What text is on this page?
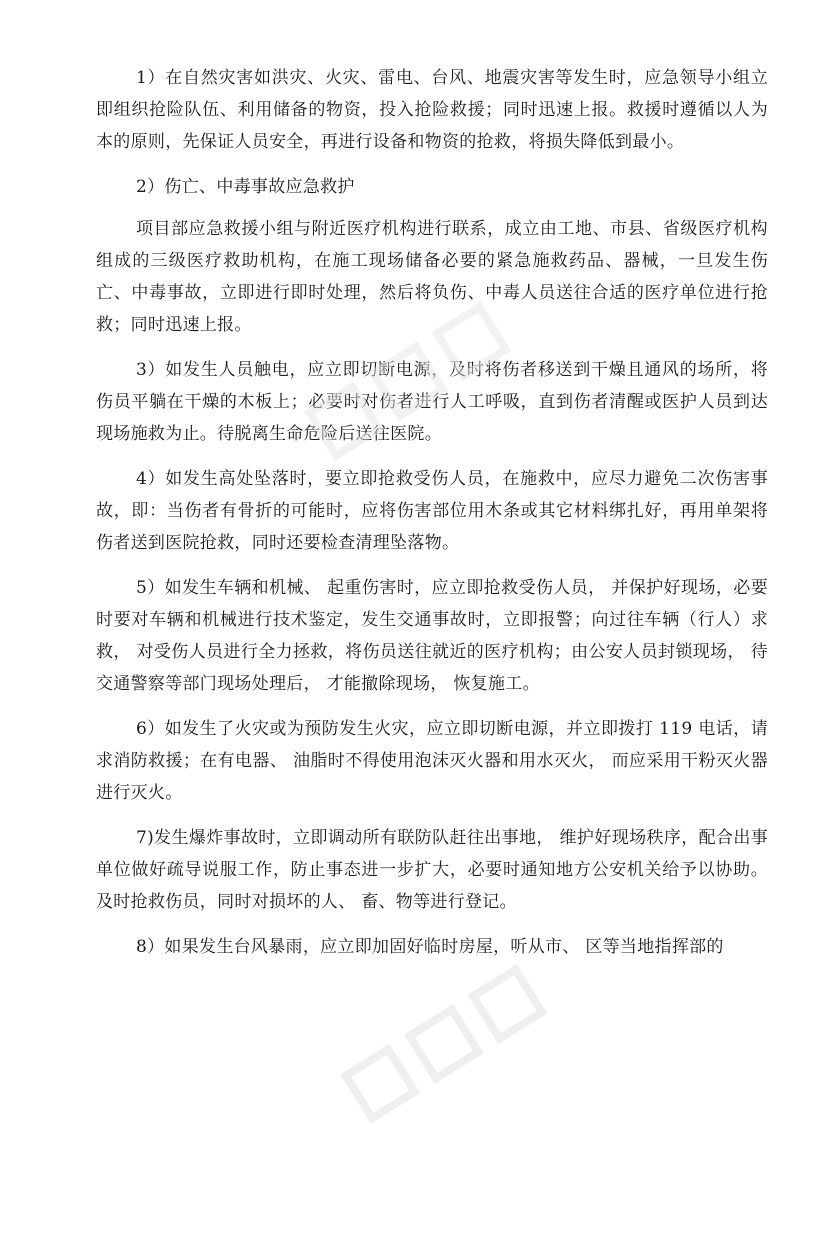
1）在自然灾害如洪灾、火灾、雷电、台风、地震灾害等发生时，应急领导小组立即组织抢险队伍、利用储备的物资，投入抢险救援；同时迅速上报。救援时遵循以人为本的原则，先保证人员安全，再进行设备和物资的抢救，将损失降低到最小。

2）伤亡、中毒事故应急救护

项目部应急救援小组与附近医疗机构进行联系，成立由工地、市县、省级医疗机构组成的三级医疗救助机构，在施工现场储备必要的紧急施救药品、器械，一旦发生伤亡、中毒事故，立即进行即时处理，然后将负伤、中毒人员送往合适的医疗单位进行抢救；同时迅速上报。

3）如发生人员触电，应立即切断电源，及时将伤者移送到干燥且通风的场所，将伤员平躺在干燥的木板上；必要时对伤者进行人工呼吸，直到伤者清醒或医护人员到达现场施救为止。待脱离生命危险后送往医院。

4）如发生高处坠落时，要立即抢救受伤人员，在施救中，应尽力避免二次伤害事故，即：当伤者有骨折的可能时，应将伤害部位用木条或其它材料绑扎好，再用单架将伤者送到医院抢救，同时还要检查清理坠落物。

5）如发生车辆和机械、 起重伤害时，应立即抢救受伤人员， 并保护好现场，必要时要对车辆和机械进行技术鉴定，发生交通事故时，立即报警；向过往车辆（行人）求救， 对受伤人员进行全力拯救，将伤员送往就近的医疗机构；由公安人员封锁现场， 待交通警察等部门现场处理后， 才能撤除现场， 恢复施工。

6）如发生了火灾或为预防发生火灾，应立即切断电源，并立即拨打 119 电话，请求消防救援；在有电器、 油脂时不得使用泡沫灭火器和用水灭火， 而应采用干粉灭火器进行灭火。

7)发生爆炸事故时，立即调动所有联防队赶往出事地， 维护好现场秩序，配合出事单位做好疏导说服工作，防止事态进一步扩大，必要时通知地方公安机关给予以协助。 及时抢救伤员，同时对损坏的人、 畜、物等进行登记。

8）如果发生台风暴雨，应立即加固好临时房屋，听从市、 区等当地指挥部的
